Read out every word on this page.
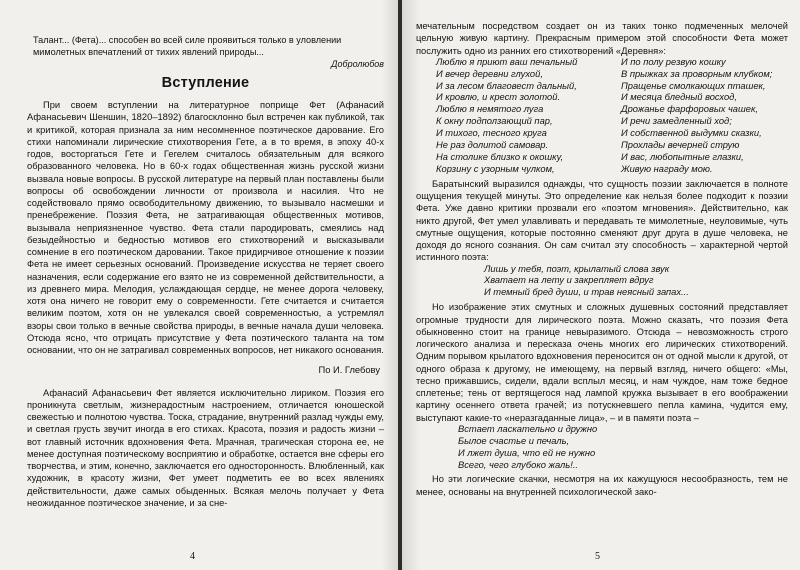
Талант... (Фета)... способен во всей силе проявиться только в уловлении мимолетных впечатлений от тихих явлений природы...
Добролюбов
Вступление

При своем вступлении на литературное поприще Фет (Афанасий Афанасьевич Шеншин, 1820–1892) благосклонно был встречен как публикой, так и критикой, которая признала за ним несомненное поэтическое дарование. Его стихи напоминали лирические стихотворения Гете, а в то время, в эпоху 40-х годов, восторгаться Гете и Гегелем считалось обязательным для всякого образованного человека. Но в 60-х годах общественная жизнь русской жизни вызвала новые вопросы. В русской литературе на первый план поставлены были вопросы об освобождении личности от произвола и насилия. Что не содействовало прямо освободительному движению, то вызывало насмешки и пренебрежение. Поэзия Фета, не затрагивающая общественных мотивов, вызывала неприязненное чувство. Фета стали пародировать, смеялись над безыдейностью и бедностью мотивов его стихотворений и высказывали сомнение в его поэтическом даровании. Такое придирчивое отношение к поэзии Фета не имеет серьезных оснований. Произведение искусства не теряет своего назначения, если содержание его взято не из современной действительности, а из древнего мира. Мелодия, услаждающая сердце, не менее дорога человеку, хотя она ничего не говорит ему о современности. Гете считается и считается великим поэтом, хотя он не увлекался своей современностью, а устремлял взоры свои только в вечные свойства природы, в вечные начала души человека. Отсюда ясно, что отрицать присутствие у Фета поэтического таланта на том основании, что он не затрагивал современных вопросов, нет никакого основания.

По И. Глебову

Афанасий Афанасьевич Фет является исключительно лириком. Поэзия его проникнута светлым, жизнерадостным настроением, отличается юношеской свежестью и полнотою чувства. Тоска, страдание, внутренний разлад чужды ему, и светлая грусть звучит иногда в его стихах. Красота, поэзия и радость жизни – вот главный источник вдохновения Фета. Мрачная, трагическая сторона ее, не менее доступная поэтическому восприятию и обработке, остается вне сферы его творчества, и этим, конечно, заключается его односторонность. Влюбленный, как художник, в красоту жизни, Фет умеет подметить ее во всех явлениях действительности, даже самых обыденных. Всякая мелочь получает у Фета неожиданное поэтическое значение, и за сне-

4

мечательным посредством создает он из таких тонко подмеченных мелочей цельную живую картину. Прекрасным примером этой способности Фета может послужить одно из ранних его стихотворений «Деревня»:

Люблю я приют ваш печальный
И вечер деревни глухой,
И за лесом благовест дальный,
И кровлю, и крест золотой.
Люблю я немятого луга
К окну подползающий пар,
И тихого, тесного круга
Не раз долитой самовар.
На столике близко к окошку,
Корзину с узорным чулком,
И по полу резвую кошку
В прыжках за проворным клубком;
Пращенье смолкающих пташек,
И месяца бледный восход,
Дрожанье фарфоровых чашек,
И речи замедленный ход;
И собственной выдумки сказки,
Прохлады вечерней струю
И вас, любопытные глазки,
Живую награду мою.

Баратынский выразился однажды, что сущность поэзии заключается в полноте ощущения текущей минуты. Это определение как нельзя более подходит к поэзии Фета. Уже давно критики прозвали его «поэтом мгновения». Действительно, как никто другой, Фет умел улавливать и передавать те мимолетные, неуловимые, чуть смутные ощущения, которые постоянно сменяют друг друга в душе человека, не доходя до ясного сознания. Он сам считал эту способность – характерной чертой истинного поэта:

Лишь у тебя, поэт, крылатый слова звук
Хватает на лету и закрепляет вдруг
И темный бред души, и трав неясный запах...

Но изображение этих смутных и сложных душевных состояний представляет огромные трудности для лирического поэта. Можно сказать, что поэзия Фета обыкновенно стоит на границе невыразимого. Отсюда – невозможность строго логического анализа и пересказа очень многих его лирических стихотворений. Одним порывом крылатого вдохновения переносится он от одной мысли к другой, от одного образа к другому, не имеющему, на первый взгляд, ничего общего: «Мы, тесно прижавшись, сидели, вдали всплыл месяц, и нам чуждое, нам тоже бедное сплетенье; тень от вертящегося над лампой кружка вызывает в его воображении картину осеннего ответа грачей; из потускневшего пепла камина, чудится ему, выступают какие-то «неразгаданные лица», – и в памяти поэта –

Встает ласкательно и дружно
Былое счастье и печаль,
И лжет душа, что ей не нужно
Всего, чего глубоко жаль!..

Но эти логические скачки, несмотря на их кажущуюся несообразность, тем не менее, основаны на внутренней психологической зако-

5
